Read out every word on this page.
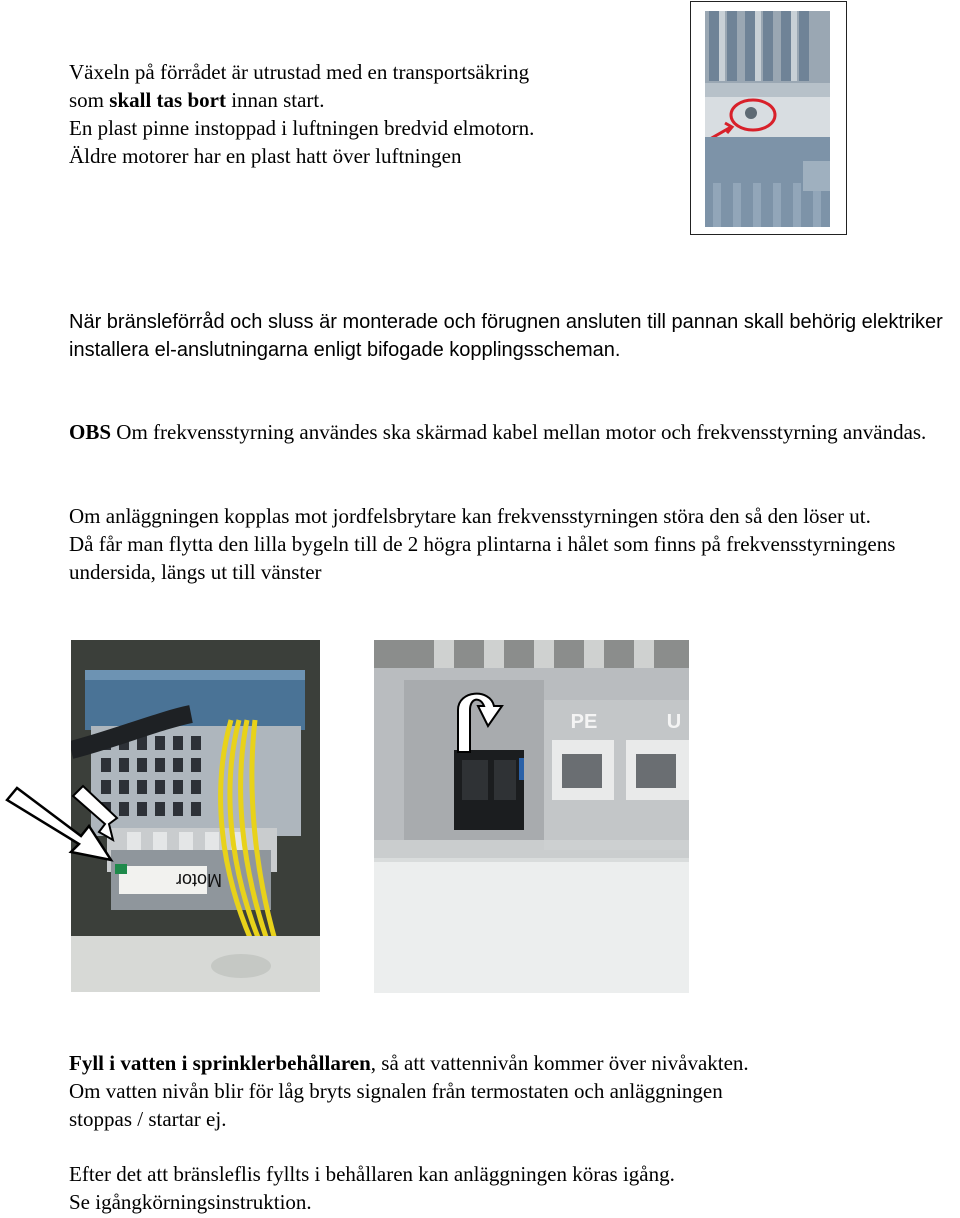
Växeln på förrådet är utrustad med en transportsäkring

som skall tas bort innan start.

En plast pinne instoppad i luftningen bredvid elmotorn.

Äldre motorer har en plast hatt över luftningen

När bränsleförråd och sluss är monterade och förugnen ansluten till pannan skall behörig elektriker installera el-anslutningarna enligt bifogade kopplingsscheman.

OBS Om frekvensstyrning användes ska skärmad kabel mellan motor och frekvensstyrning användas.

Om anläggningen kopplas mot jordfelsbrytare kan frekvensstyrningen störa den så den löser ut.

Då får man flytta den lilla bygeln till de 2 högra plintarna i hålet som finns på frekvensstyrningens undersida, längs ut till vänster

Motor
PE	U

Fyll i vatten i sprinklerbehållaren, så att vattennivån kommer över nivåvakten.

Om vatten nivån blir för låg bryts signalen från termostaten och anläggningen

stoppas / startar ej.

Efter det att bränsleflis fyllts i behållaren kan anläggningen köras igång.

Se igångkörningsinstruktion.
